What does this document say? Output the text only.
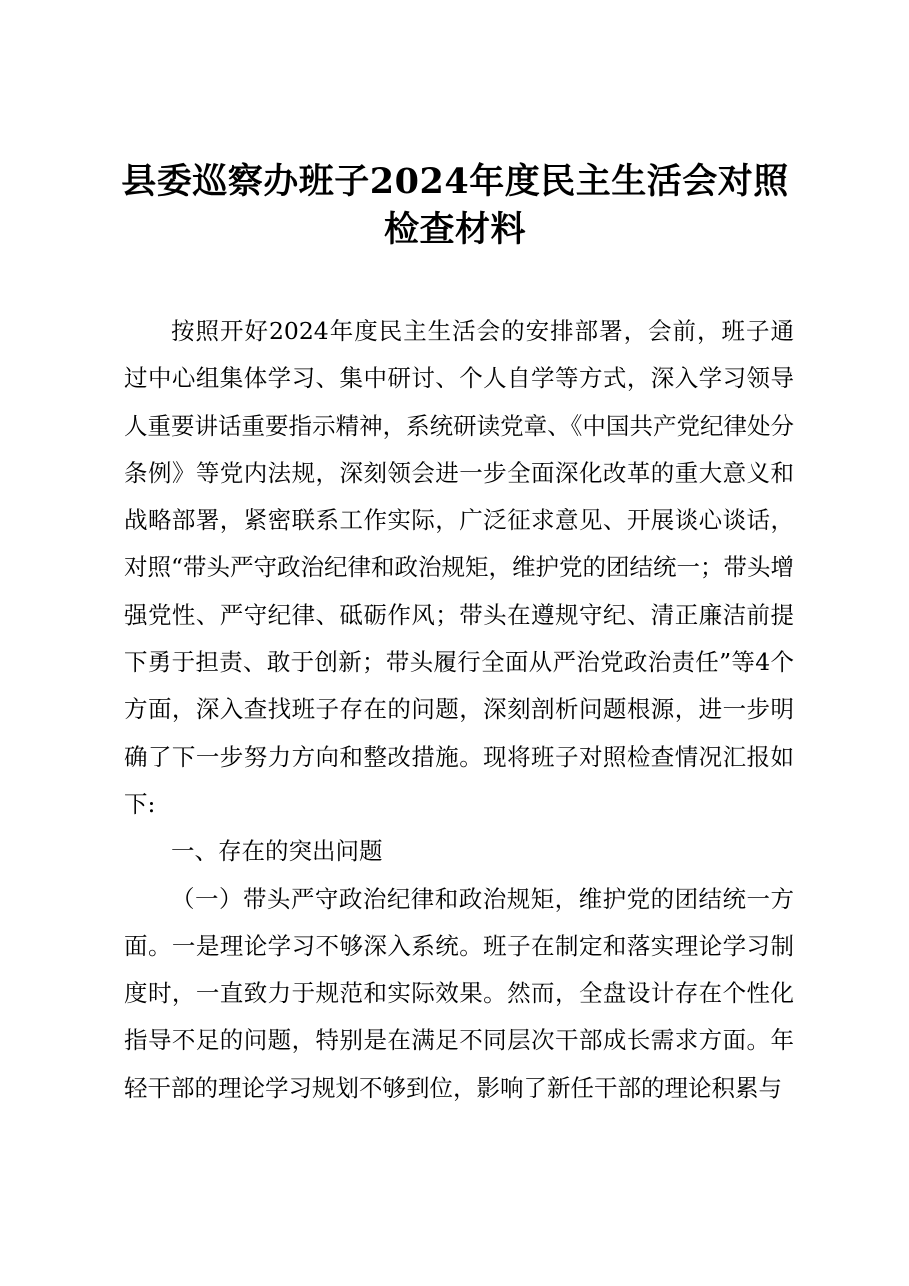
县委巡察办班子2024年度民主生活会对照检查材料

按照开好2024年度民主生活会的安排部署，会前，班子通过中心组集体学习、集中研讨、个人自学等方式，深入学习领导人重要讲话重要指示精神，系统研读党章、《中国共产党纪律处分条例》等党内法规，深刻领会进一步全面深化改革的重大意义和战略部署，紧密联系工作实际，广泛征求意见、开展谈心谈话，对照“带头严守政治纪律和政治规矩，维护党的团结统一；带头增强党性、严守纪律、砥砺作风；带头在遵规守纪、清正廉洁前提下勇于担责、敢于创新；带头履行全面从严治党政治责任”等4个方面，深入查找班子存在的问题，深刻剖析问题根源，进一步明确了下一步努力方向和整改措施。现将班子对照检查情况汇报如下:

一、存在的突出问题

（一）带头严守政治纪律和政治规矩，维护党的团结统一方面。一是理论学习不够深入系统。班子在制定和落实理论学习制度时，一直致力于规范和实际效果。然而，全盘设计存在个性化指导不足的问题，特别是在满足不同层次干部成长需求方面。年轻干部的理论学习规划不够到位，影响了新任干部的理论积累与
